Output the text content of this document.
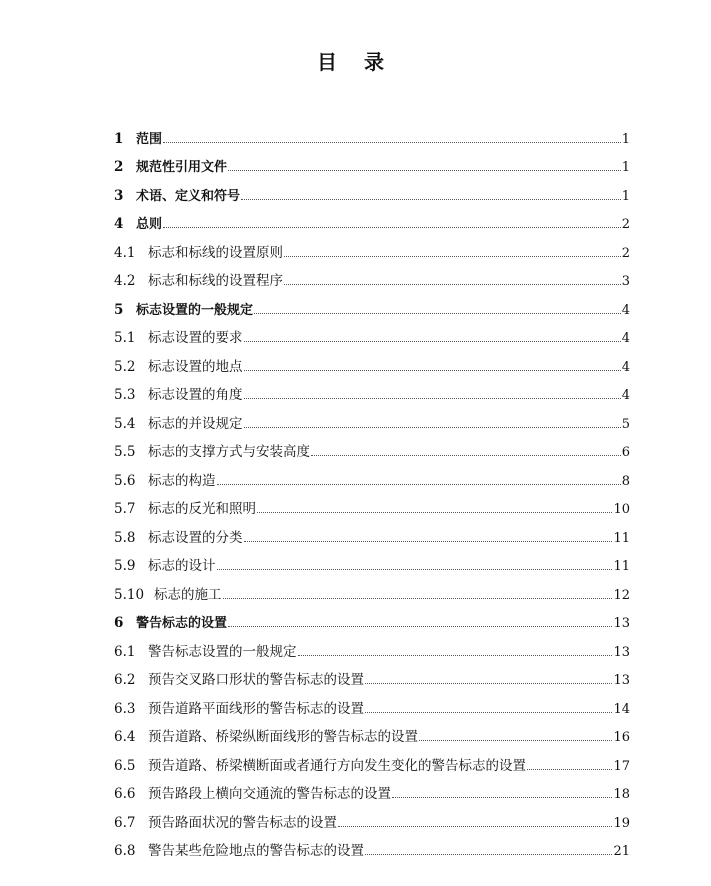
目 录
1 范围	1
2 规范性引用文件	1
3 术语、定义和符号	1
4 总则	2
4.1 标志和标线的设置原则	2
4.2 标志和标线的设置程序	3
5 标志设置的一般规定	4
5.1 标志设置的要求	4
5.2 标志设置的地点	4
5.3 标志设置的角度	4
5.4 标志的并设规定	5
5.5 标志的支撑方式与安装高度	6
5.6 标志的构造	8
5.7 标志的反光和照明	10
5.8 标志设置的分类	11
5.9 标志的设计	11
5.10 标志的施工	12
6 警告标志的设置	13
6.1 警告标志设置的一般规定	13
6.2 预告交叉路口形状的警告标志的设置	13
6.3 预告道路平面线形的警告标志的设置	14
6.4 预告道路、桥梁纵断面线形的警告标志的设置	16
6.5 预告道路、桥梁横断面或者通行方向发生变化的警告标志的设置	17
6.6 预告路段上横向交通流的警告标志的设置	18
6.7 预告路面状况的警告标志的设置	19
6.8 警告某些危险地点的警告标志的设置	21
